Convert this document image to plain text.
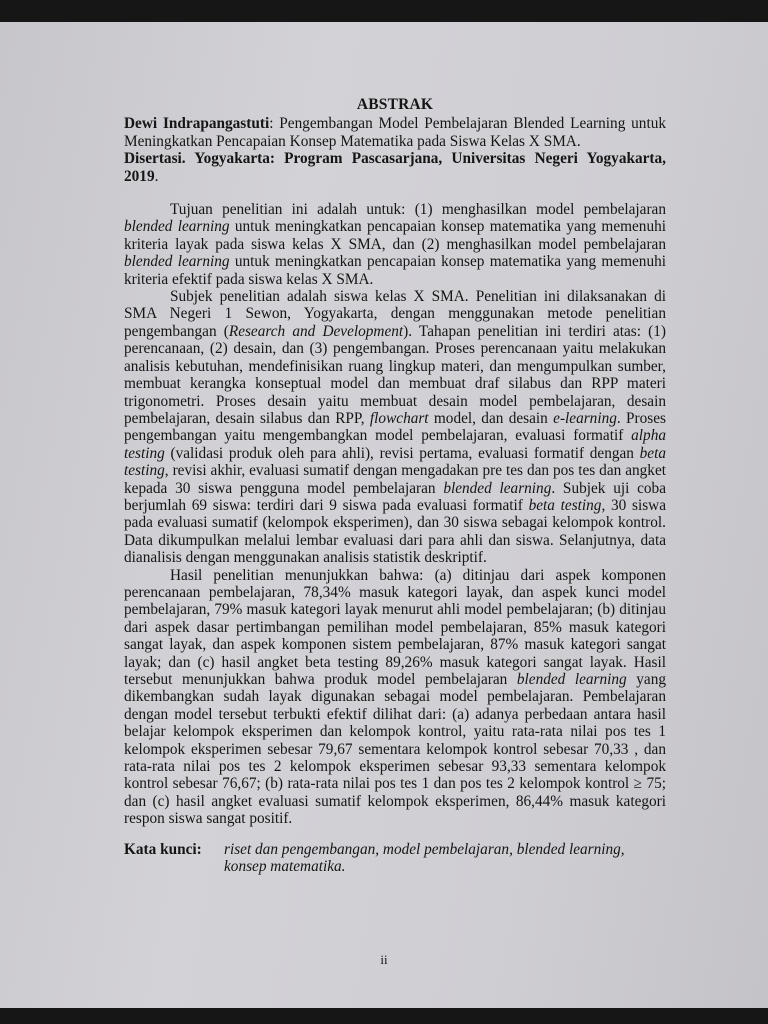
ABSTRAK

Dewi Indrapangastuti: Pengembangan Model Pembelajaran Blended Learning untuk Meningkatkan Pencapaian Konsep Matematika pada Siswa Kelas X SMA.

Disertasi. Yogyakarta: Program Pascasarjana, Universitas Negeri Yogyakarta, 2019.

Tujuan penelitian ini adalah untuk: (1) menghasilkan model pembelajaran blended learning untuk meningkatkan pencapaian konsep matematika yang memenuhi kriteria layak pada siswa kelas X SMA, dan (2) menghasilkan model pembelajaran blended learning untuk meningkatkan pencapaian konsep matematika yang memenuhi kriteria efektif pada siswa kelas X SMA.

Subjek penelitian adalah siswa kelas X SMA. Penelitian ini dilaksanakan di SMA Negeri 1 Sewon, Yogyakarta, dengan menggunakan metode penelitian pengembangan (Research and Development). Tahapan penelitian ini terdiri atas: (1) perencanaan, (2) desain, dan (3) pengembangan. Proses perencanaan yaitu melakukan analisis kebutuhan, mendefinisikan ruang lingkup materi, dan mengumpulkan sumber, membuat kerangka konseptual model dan membuat draf silabus dan RPP materi trigonometri. Proses desain yaitu membuat desain model pembelajaran, desain pembelajaran, desain silabus dan RPP, flowchart model, dan desain e-learning. Proses pengembangan yaitu mengembangkan model pembelajaran, evaluasi formatif alpha testing (validasi produk oleh para ahli), revisi pertama, evaluasi formatif dengan beta testing, revisi akhir, evaluasi sumatif dengan mengadakan pre tes dan pos tes dan angket kepada 30 siswa pengguna model pembelajaran blended learning. Subjek uji coba berjumlah 69 siswa: terdiri dari 9 siswa pada evaluasi formatif beta testing, 30 siswa pada evaluasi sumatif (kelompok eksperimen), dan 30 siswa sebagai kelompok kontrol. Data dikumpulkan melalui lembar evaluasi dari para ahli dan siswa. Selanjutnya, data dianalisis dengan menggunakan analisis statistik deskriptif.

Hasil penelitian menunjukkan bahwa: (a) ditinjau dari aspek komponen perencanaan pembelajaran, 78,34% masuk kategori layak, dan aspek kunci model pembelajaran, 79% masuk kategori layak menurut ahli model pembelajaran; (b) ditinjau dari aspek dasar pertimbangan pemilihan model pembelajaran, 85% masuk kategori sangat layak, dan aspek komponen sistem pembelajaran, 87% masuk kategori sangat layak; dan (c) hasil angket beta testing 89,26% masuk kategori sangat layak. Hasil tersebut menunjukkan bahwa produk model pembelajaran blended learning yang dikembangkan sudah layak digunakan sebagai model pembelajaran. Pembelajaran dengan model tersebut terbukti efektif dilihat dari: (a) adanya perbedaan antara hasil belajar kelompok eksperimen dan kelompok kontrol, yaitu rata-rata nilai pos tes 1 kelompok eksperimen sebesar 79,67 sementara kelompok kontrol sebesar 70,33 , dan rata-rata nilai pos tes 2 kelompok eksperimen sebesar 93,33 sementara kelompok kontrol sebesar 76,67; (b) rata-rata nilai pos tes 1 dan pos tes 2 kelompok kontrol ≥ 75; dan (c) hasil angket evaluasi sumatif kelompok eksperimen, 86,44% masuk kategori respon siswa sangat positif.

Kata kunci:	riset dan pengembangan, model pembelajaran, blended learning, konsep matematika.
ii
